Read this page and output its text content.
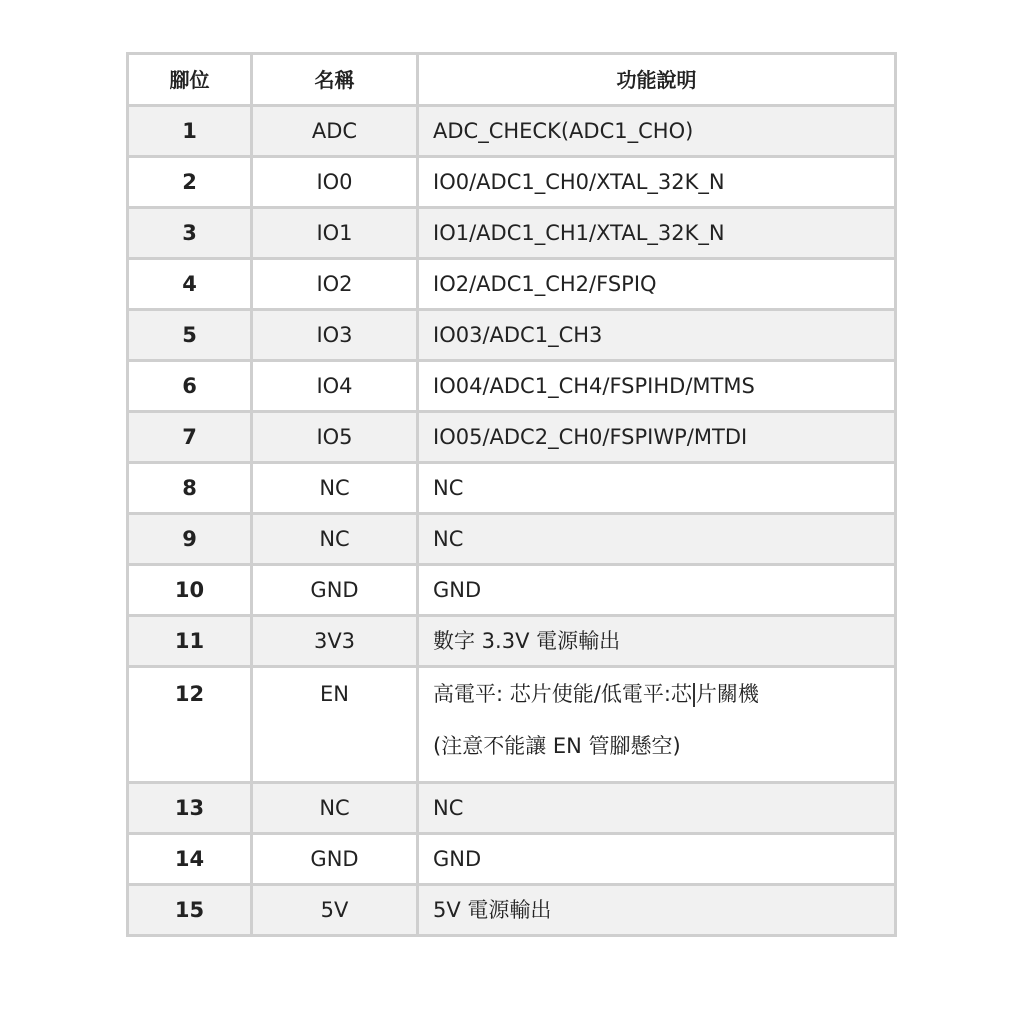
腳位	名稱	功能說明
1	ADC	ADC_CHECK(ADC1_CHO)
2	IO0	IO0/ADC1_CH0/XTAL_32K_N
3	IO1	IO1/ADC1_CH1/XTAL_32K_N
4	IO2	IO2/ADC1_CH2/FSPIQ
5	IO3	IO03/ADC1_CH3
6	IO4	IO04/ADC1_CH4/FSPIHD/MTMS
7	IO5	IO05/ADC2_CH0/FSPIWP/MTDI
8	NC	NC
9	NC	NC
10	GND	GND
11	3V3	數字 3.3V 電源輸出
12	EN	高電平: 芯片使能/低電平:芯 片關機
(注意不能讓 EN 管腳懸空)

13	NC	NC
14	GND	GND
15	5V	5V 電源輸出
